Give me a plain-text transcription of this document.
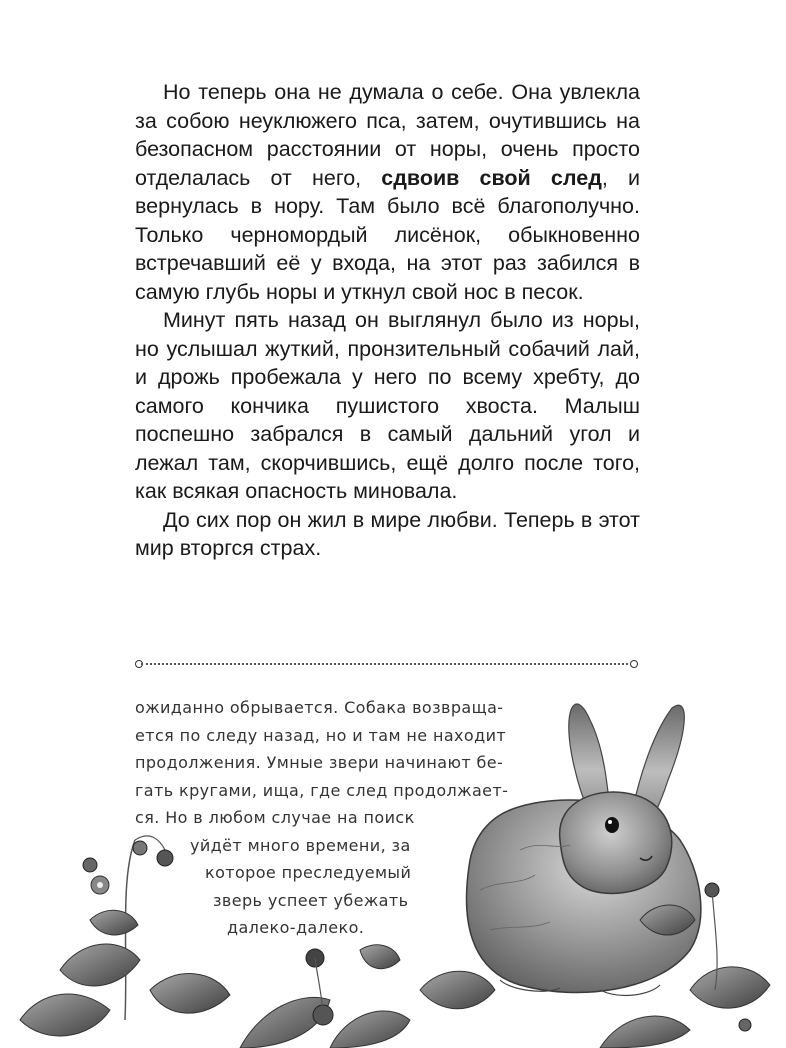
Но теперь она не думала о себе. Она увлекла за собою неуклюжего пса, затем, очутившись на безопасном расстоянии от норы, очень просто отделалась от него, сдвоив свой след, и вернулась в нору. Там было всё благополучно. Только черномордый лисёнок, обыкновенно встречавший её у входа, на этот раз забился в самую глубь норы и уткнул свой нос в песок.

Минут пять назад он выглянул было из норы, но услышал жуткий, пронзительный собачий лай, и дрожь пробежала у него по всему хребту, до самого кончика пушистого хвоста. Малыш поспешно забрался в самый дальний угол и лежал там, скорчившись, ещё долго после того, как всякая опасность миновала.

До сих пор он жил в мире любви. Теперь в этот мир вторгся страх.

ожиданно обрывается. Собака возвраща-
ется по следу назад, но и там не находит
продолжения. Умные звери начинают бе-
гать кругами, ища, где след продолжает-
ся. Но в любом случае на поиск
уйдёт много времени, за
которое преследуемый
зверь успеет убежать
далеко-далеко.
